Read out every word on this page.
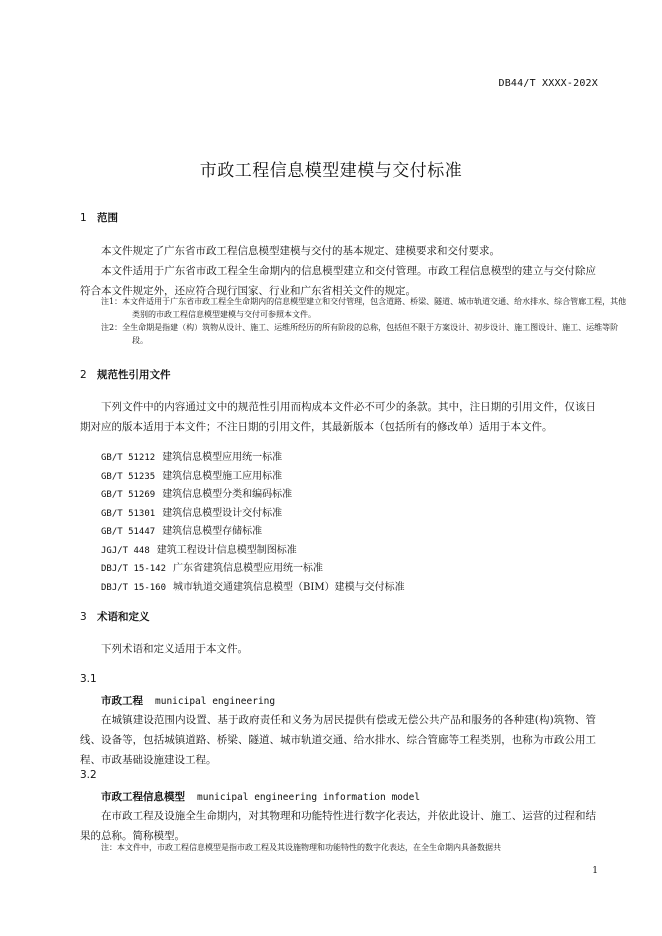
DB44/T XXXX-202X
市政工程信息模型建模与交付标准
1 范围
本文件规定了广东省市政工程信息模型建模与交付的基本规定、建模要求和交付要求。
本文件适用于广东省市政工程全生命期内的信息模型建立和交付管理。市政工程信息模型的建立与交付除应符合本文件规定外，还应符合现行国家、行业和广东省相关文件的规定。
注1：本文件适用于广东省市政工程全生命期内的信息模型建立和交付管理，包含道路、桥梁、隧道、城市轨道交通、给水排水、综合管廊工程，其他类别的市政工程信息模型建模与交付可参照本文件。
注2：全生命期是指建（构）筑物从设计、施工、运维所经历的所有阶段的总称，包括但不限于方案设计、初步设计、施工图设计、施工、运维等阶段。
2 规范性引用文件
下列文件中的内容通过文中的规范性引用而构成本文件必不可少的条款。其中，注日期的引用文件，仅该日期对应的版本适用于本文件；不注日期的引用文件，其最新版本（包括所有的修改单）适用于本文件。
GB/T 51212 建筑信息模型应用统一标准
GB/T 51235 建筑信息模型施工应用标准
GB/T 51269 建筑信息模型分类和编码标准
GB/T 51301 建筑信息模型设计交付标准
GB/T 51447 建筑信息模型存储标准
JGJ/T 448 建筑工程设计信息模型制图标准
DBJ/T 15-142 广东省建筑信息模型应用统一标准
DBJ/T 15-160 城市轨道交通建筑信息模型（BIM）建模与交付标准
3 术语和定义
下列术语和定义适用于本文件。
3.1
市政工程 municipal engineering
在城镇建设范围内设置、基于政府责任和义务为居民提供有偿或无偿公共产品和服务的各种建(构)筑物、管线、设备等，包括城镇道路、桥梁、隧道、城市轨道交通、给水排水、综合管廊等工程类别，也称为市政公用工程、市政基础设施建设工程。
3.2
市政工程信息模型 municipal engineering information model
在市政工程及设施全生命期内，对其物理和功能特性进行数字化表达，并依此设计、施工、运营的过程和结果的总称。简称模型。
注：本文件中，市政工程信息模型是指市政工程及其设施物理和功能特性的数字化表达，在全生命期内具备数据共
1
